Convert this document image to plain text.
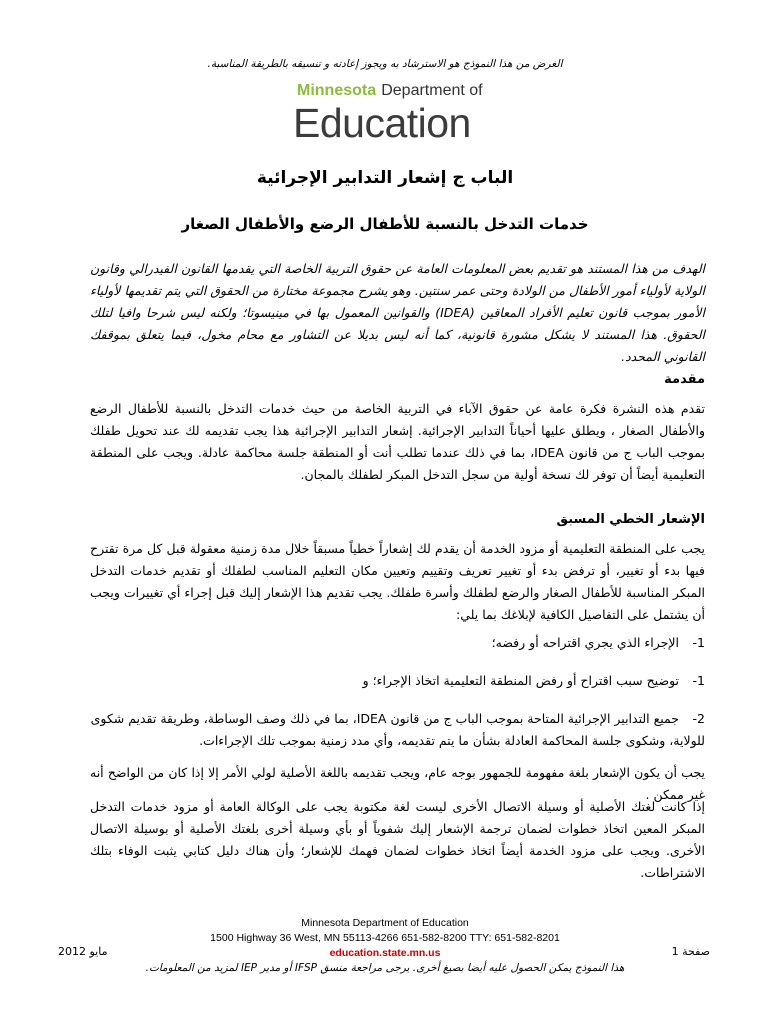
الغرض من هذا النموذج هو الاسترشاد به ويجوز إعادته و تنسيقه بالطريقة المناسبة.
Minnesota Department of
Education
الباب ج إشعار التدابير الإجرائية
خدمات التدخل بالنسبة للأطفال الرضع والأطفال الصغار
الهدف من هذا المستند هو تقديم بعض المعلومات العامة عن حقوق التربية الخاصة التي يقدمها القانون الفيدرالي وقانون الولاية لأولياء أمور الأطفال من الولادة وحتى عمر سنتين. وهو يشرح مجموعة مختارة من الحقوق التي يتم تقديمها لأولياء الأمور بموجب قانون تعليم الأفراد المعاقين (IDEA) والقوانين المعمول بها في مينيسوتا؛ ولكنه ليس شرحا وافيا لتلك الحقوق. هذا المستند لا يشكل مشورة قانونية، كما أنه ليس بديلا عن التشاور مع محام مخول، فيما يتعلق بموقفك القانوني المحدد.
مقدمة
تقدم هذه النشرة فكرة عامة عن حقوق الآباء في التربية الخاصة من حيث خدمات التدخل بالنسبة للأطفال الرضع والأطفال الصغار ، ويطلق عليها أحياناً التدابير الإجرائية. إشعار التدابير الإجرائية هذا يجب تقديمه لك عند تحويل طفلك بموجب الباب ج من قانون IDEA، بما في ذلك عندما تطلب أنت أو المنطقة جلسة محاكمة عادلة. ويجب على المنطقة التعليمية أيضاً أن توفر لك نسخة أولية من سجل التدخل المبكر لطفلك بالمجان.
الإشعار الخطي المسبق
يجب على المنطقة التعليمية أو مزود الخدمة أن يقدم لك إشعاراً خطياً مسبقاً خلال مدة زمنية معقولة قبل كل مرة تقترح فيها بدء أو تغيير، أو ترفض بدء أو تغيير تعريف وتقييم وتعيين مكان التعليم المناسب لطفلك أو تقديم خدمات التدخل المبكر المناسبة للأطفال الصغار والرضع لطفلك وأسرة طفلك. يجب تقديم هذا الإشعار إليك قبل إجراء أي تغييرات ويجب أن يشتمل على التفاصيل الكافية لإبلاغك بما يلي:
1- الإجراء الذي يجري اقتراحه أو رفضه؛
1- توضيح سبب اقتراح أو رفض المنطقة التعليمية اتخاذ الإجراء؛ و
2- جميع التدابير الإجرائية المتاحة بموجب الباب ج من قانون IDEA، بما في ذلك وصف الوساطة، وطريقة تقديم شكوى للولاية، وشكوى جلسة المحاكمة العادلة بشأن ما يتم تقديمه، وأي مدد زمنية بموجب تلك الإجراءات.
يجب أن يكون الإشعار بلغة مفهومة للجمهور بوجه عام، ويجب تقديمه باللغة الأصلية لولي الأمر إلا إذا كان من الواضح أنه غير ممكن .
إذا كانت لغتك الأصلية أو وسيلة الاتصال الأخرى ليست لغة مكتوبة يجب على الوكالة العامة أو مزود خدمات التدخل المبكر المعين اتخاذ خطوات لضمان ترجمة الإشعار إليك شفوياً أو بأي وسيلة أخرى بلغتك الأصلية أو بوسيلة الاتصال الأخرى. ويجب على مزود الخدمة أيضاً اتخاذ خطوات لضمان فهمك للإشعار؛ وأن هناك دليل كتابي يثبت الوفاء بتلك الاشتراطات.
Minnesota Department of Education
1500 Highway 36 West, MN 55113-4266 651-582-8200 TTY: 651-582-8201
education.state.mn.us
مايو 2012	صفحة 1
هذا النموذج يمكن الحصول عليه أيضا بصيغ أخرى. يرجى مراجعة منسق IFSP أو مدير IEP لمزيد من المعلومات.
